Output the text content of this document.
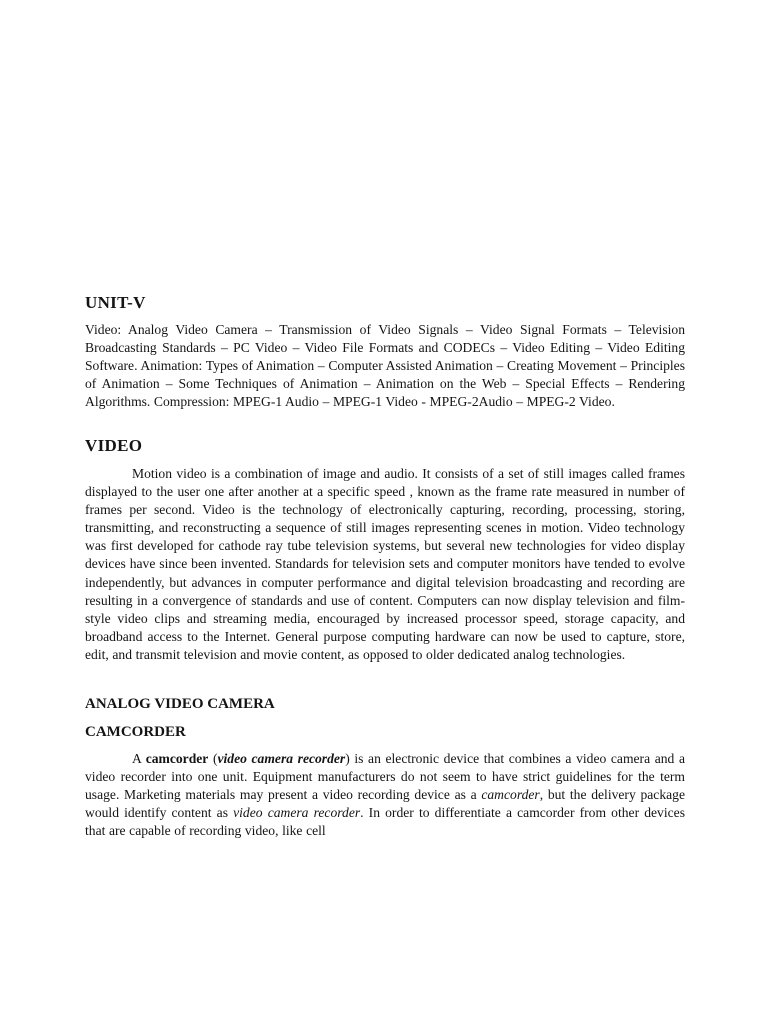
UNIT-V

Video: Analog Video Camera – Transmission of Video Signals – Video Signal Formats – Television Broadcasting Standards – PC Video – Video File Formats and CODECs – Video Editing – Video Editing Software. Animation: Types of Animation – Computer Assisted Animation – Creating Movement – Principles of Animation – Some Techniques of Animation – Animation on the Web – Special Effects – Rendering Algorithms. Compression: MPEG-1 Audio – MPEG-1 Video - MPEG-2Audio – MPEG-2 Video.

VIDEO

Motion video is a combination of image and audio. It consists of a set of still images called frames displayed to the user one after another at a specific speed , known as the frame rate measured in number of frames per second. Video is the technology of electronically capturing, recording, processing, storing, transmitting, and reconstructing a sequence of still images representing scenes in motion. Video technology was first developed for cathode ray tube television systems, but several new technologies for video display devices have since been invented. Standards for television sets and computer monitors have tended to evolve independently, but advances in computer performance and digital television broadcasting and recording are resulting in a convergence of standards and use of content. Computers can now display television and film-style video clips and streaming media, encouraged by increased processor speed, storage capacity, and broadband access to the Internet. General purpose computing hardware can now be used to capture, store, edit, and transmit television and movie content, as opposed to older dedicated analog technologies.

ANALOG VIDEO CAMERA
CAMCORDER

A camcorder (video camera recorder) is an electronic device that combines a video camera and a video recorder into one unit. Equipment manufacturers do not seem to have strict guidelines for the term usage. Marketing materials may present a video recording device as a camcorder, but the delivery package would identify content as video camera recorder. In order to differentiate a camcorder from other devices that are capable of recording video, like cell
